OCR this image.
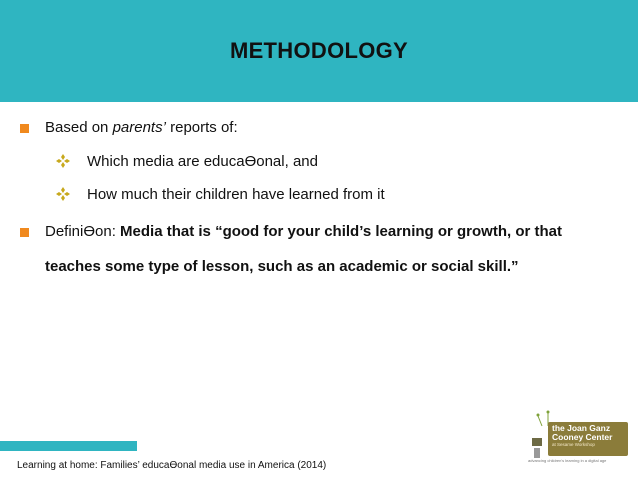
METHODOLOGY
Based on parents’ reports of:
Which media are educaƟonal, and
How much their children have learned from it
DefiniƟon: Media that is “good for your child’s learning or growth, or that
teaches some type of lesson, such as an academic or social skill.”
Learning at home: Families’ educaƟonal media use in America (2014)
the Joan Ganz
Cooney Center
at Sesame Workshop
advancing children's learning in a digital age
